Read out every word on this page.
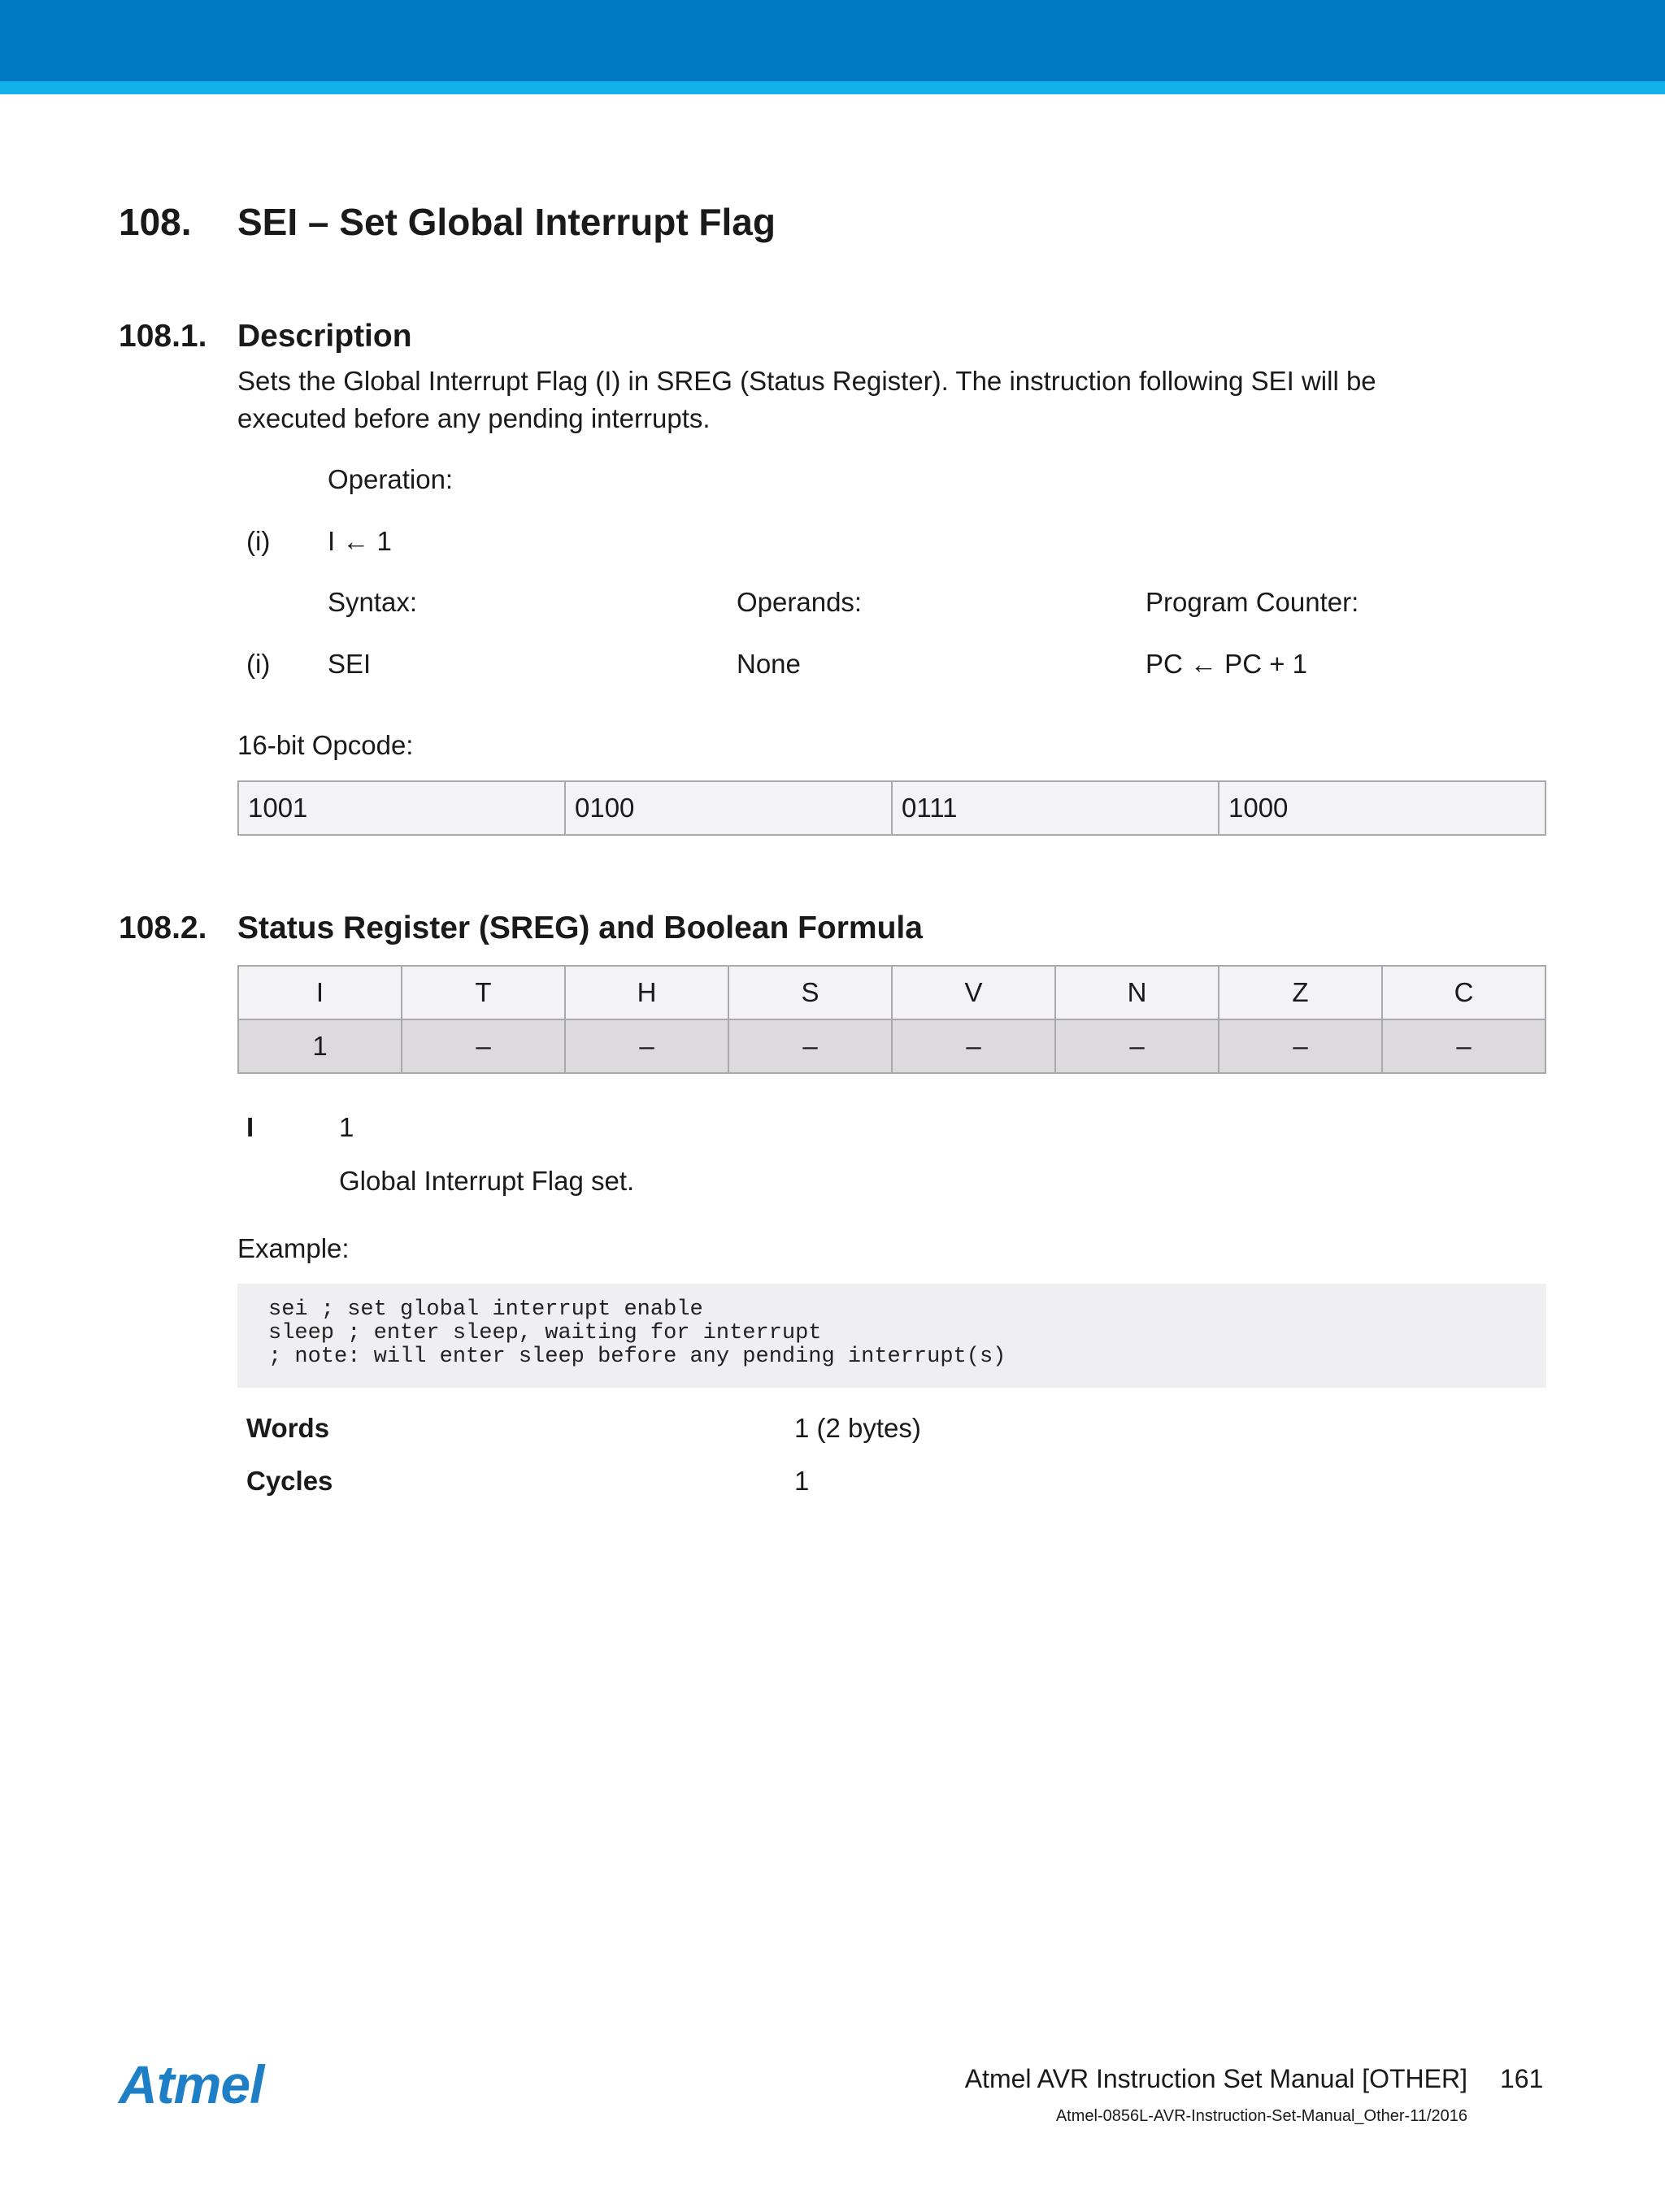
108. SEI – Set Global Interrupt Flag
108.1. Description
Sets the Global Interrupt Flag (I) in SREG (Status Register). The instruction following SEI will be
executed before any pending interrupts.
Operation:
(i) I ← 1
Syntax:	Operands:	Program Counter:
(i) SEI	None	PC ← PC + 1
16-bit Opcode:
1001	0100	0111	1000
108.2. Status Register (SREG) and Boolean Formula
I	T	H	S	V	N	Z	C
1	–	–	–	–	–	–	–
I	1
Global Interrupt Flag set.
Example:
sei ; set global interrupt enable
sleep ; enter sleep, waiting for interrupt
; note: will enter sleep before any pending interrupt(s)
Words	1 (2 bytes)
Cycles	1
Atmel	Atmel AVR Instruction Set Manual [OTHER] 161
Atmel-0856L-AVR-Instruction-Set-Manual_Other-11/2016
